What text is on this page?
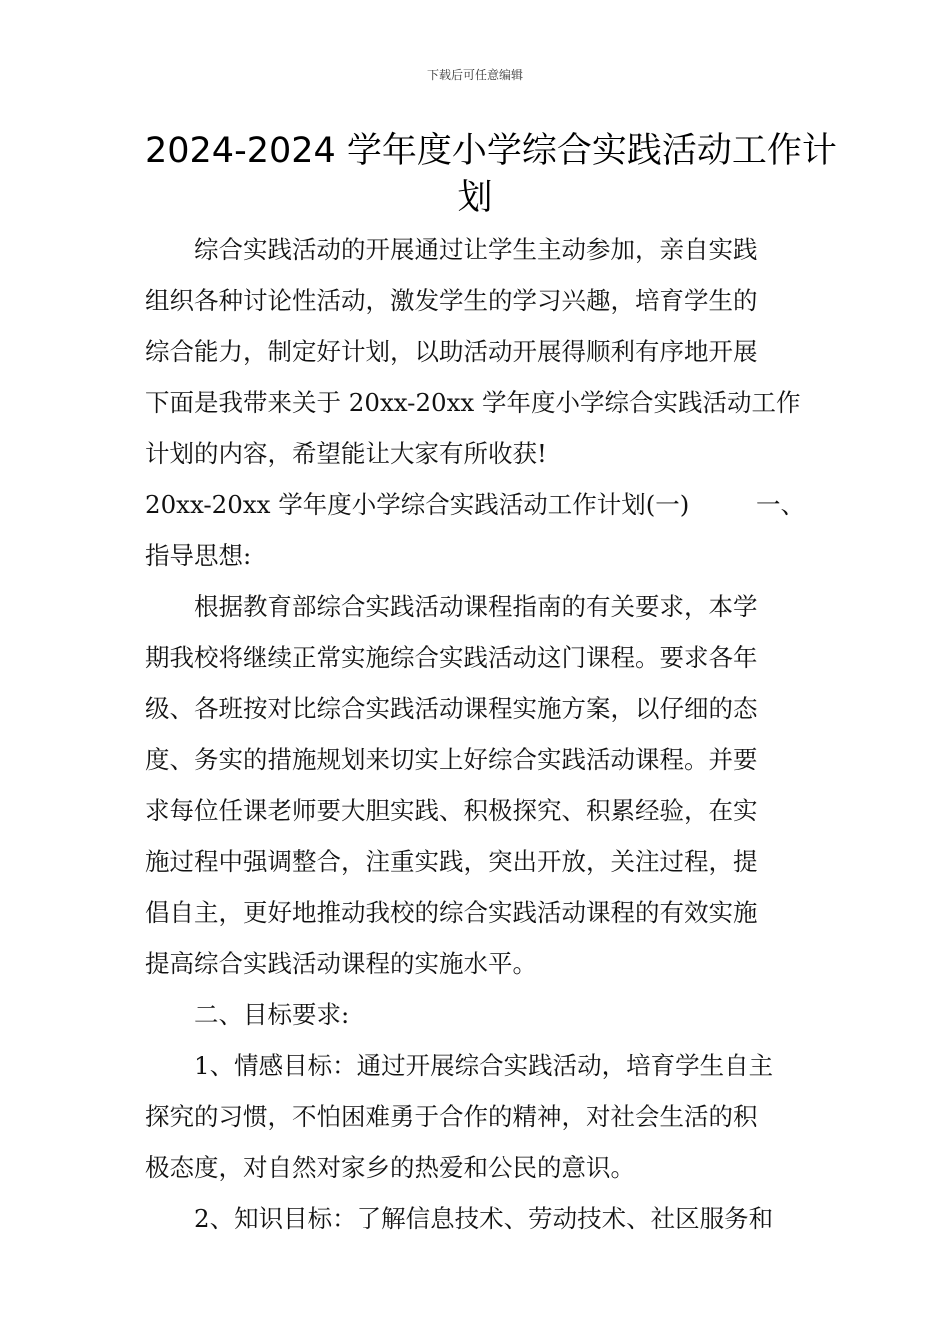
下载后可任意编辑
2024-2024 学年度小学综合实践活动工作计
划
综合实践活动的开展通过让学生主动参加，亲自实践
组织各种讨论性活动，激发学生的学习兴趣，培育学生的
综合能力，制定好计划，以助活动开展得顺利有序地开展
下面是我带来关于 20xx-20xx 学年度小学综合实践活动工作
计划的内容，希望能让大家有所收获!
20xx-20xx 学年度小学综合实践活动工作计划(一)	一、
指导思想:
根据教育部综合实践活动课程指南的有关要求，本学
期我校将继续正常实施综合实践活动这门课程。要求各年
级、各班按对比综合实践活动课程实施方案，以仔细的态
度、务实的措施规划来切实上好综合实践活动课程。并要
求每位任课老师要大胆实践、积极探究、积累经验，在实
施过程中强调整合，注重实践，突出开放，关注过程，提
倡自主，更好地推动我校的综合实践活动课程的有效实施
提高综合实践活动课程的实施水平。
二、目标要求:
1、情感目标：通过开展综合实践活动，培育学生自主
探究的习惯，不怕困难勇于合作的精神，对社会生活的积
极态度，对自然对家乡的热爱和公民的意识。
2、知识目标：了解信息技术、劳动技术、社区服务和
